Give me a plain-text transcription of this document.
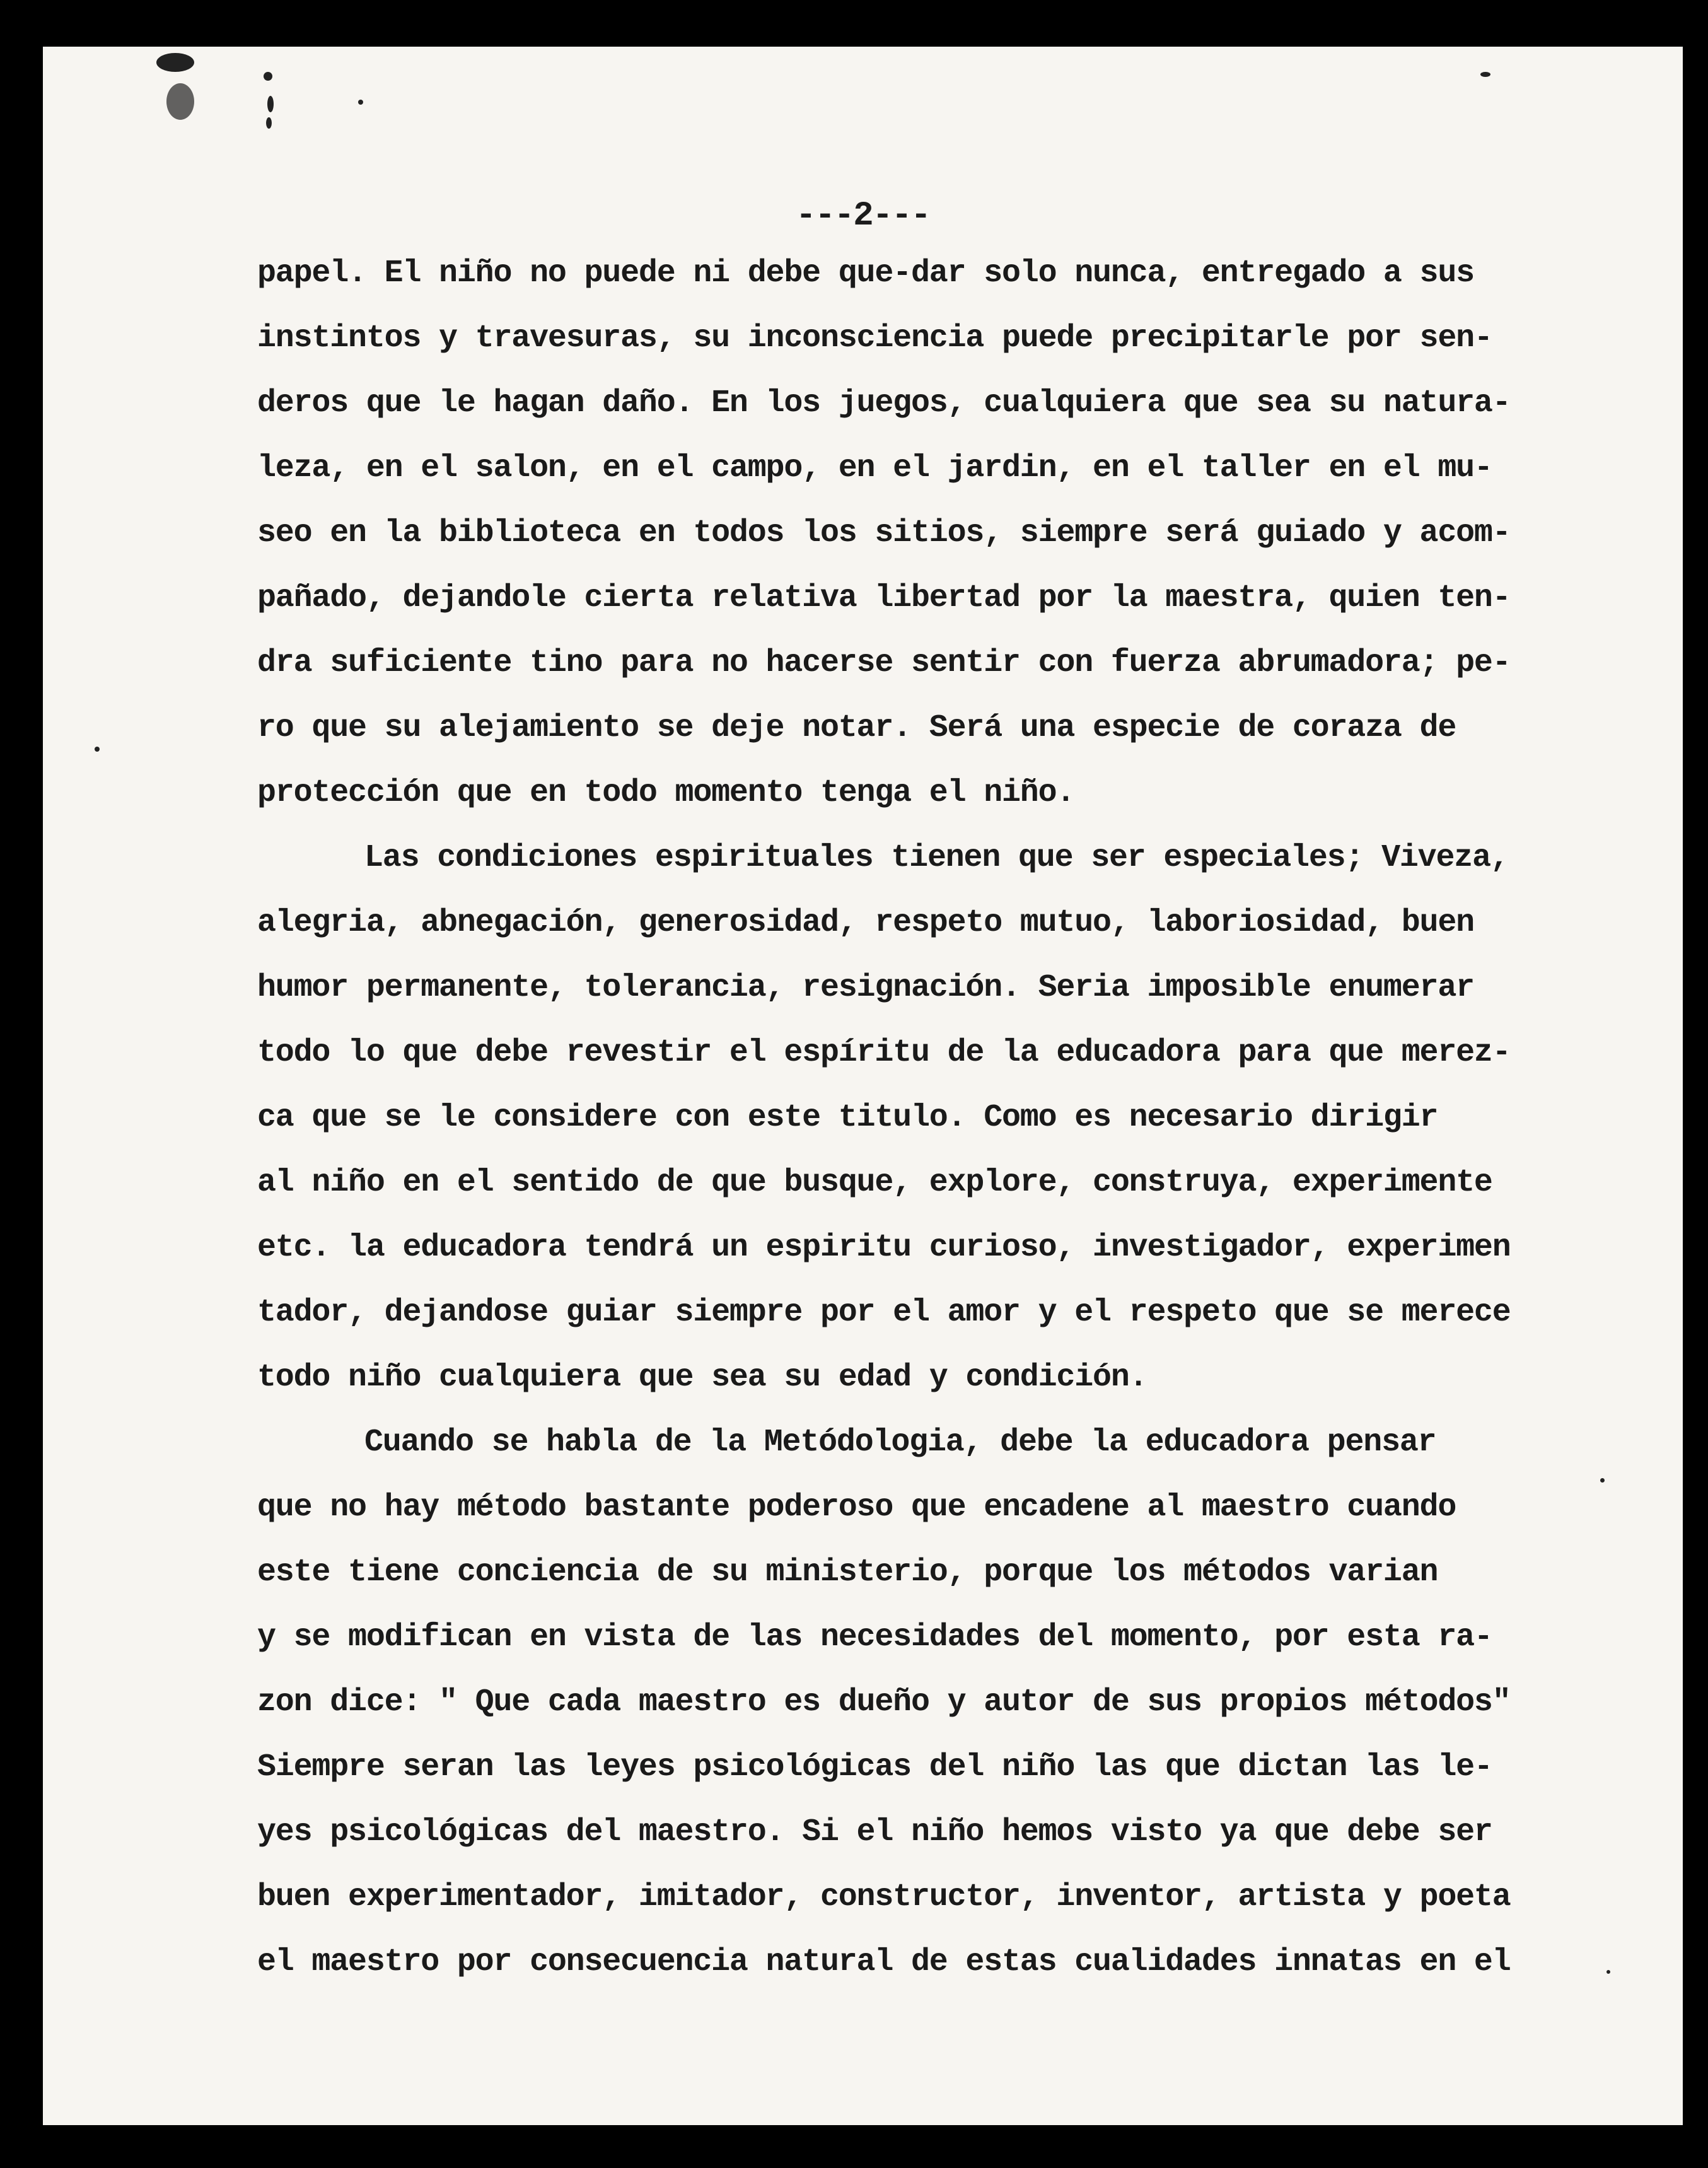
---2---
papel. El niño no puede ni debe que-dar solo nunca, entregado a sus
instintos y travesuras, su inconsciencia puede precipitarle por sen-
deros que le hagan daño. En los juegos, cualquiera que sea su natura-
leza, en el salon, en el campo, en el jardin, en el taller en el mu-
seo en la biblioteca en todos los sitios, siempre será guiado y acom-
pañado, dejandole cierta relativa libertad por la maestra, quien ten-
dra suficiente tino para no hacerse sentir con fuerza abrumadora; pe-
ro que su alejamiento se deje notar. Será una especie de coraza de
protección que en todo momento tenga el niño.
Las condiciones espirituales tienen que ser especiales; Viveza,
alegria, abnegación, generosidad, respeto mutuo, laboriosidad, buen
humor permanente, tolerancia, resignación. Seria imposible enumerar
todo lo que debe revestir el espíritu de la educadora para que merez-
ca que se le considere con este titulo. Como es necesario dirigir
al niño en el sentido de que busque, explore, construya, experimente
etc. la educadora tendrá un espiritu curioso, investigador, experimen
tador, dejandose guiar siempre por el amor y el respeto que se merece
todo niño cualquiera que sea su edad y condición.
Cuando se habla de la Metódologia, debe la educadora pensar
que no hay método bastante poderoso que encadene al maestro cuando
este tiene conciencia de su ministerio, porque los métodos varian
y se modifican en vista de las necesidades del momento, por esta ra-
zon dice: " Que cada maestro es dueño y autor de sus propios métodos"
Siempre seran las leyes psicológicas del niño las que dictan las le-
yes psicológicas del maestro. Si el niño hemos visto ya que debe ser
buen experimentador, imitador, constructor, inventor, artista y poeta
el maestro por consecuencia natural de estas cualidades innatas en el
